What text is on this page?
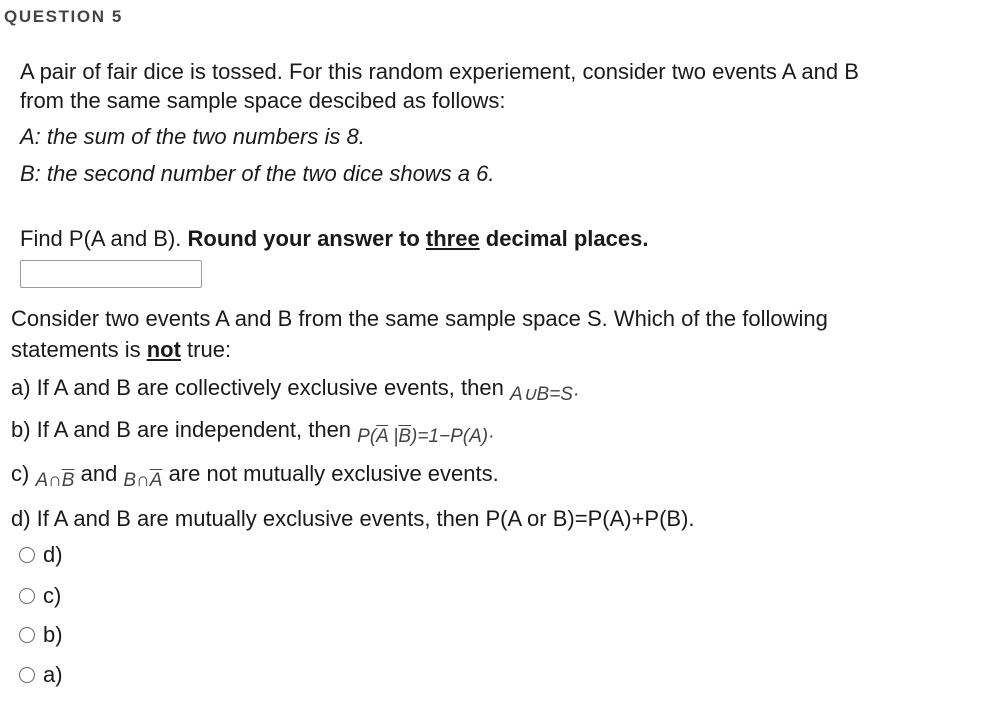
QUESTION 5
A pair of fair dice is tossed. For this random experiement, consider two events A and B
from the same sample space descibed as follows:
A: the sum of the two numbers is 8.
B: the second number of the two dice shows a 6.
Find P(A and B). Round your answer to three decimal places.
Consider two events A and B from the same sample space S. Which of the following
statements is not true:
a) If A and B are collectively exclusive events, then A∪B=S·
b) If A and B are independent, then $P(\overline{A}$ $|\overline{B})=1-P(A)\cdot$
c) $A\cap\overline{B}$ and $B\cap\overline{A}$ are not mutually exclusive events.
d) If A and B are mutually exclusive events, then P(A or B)=P(A)+P(B).
d)
c)
b)
a)
